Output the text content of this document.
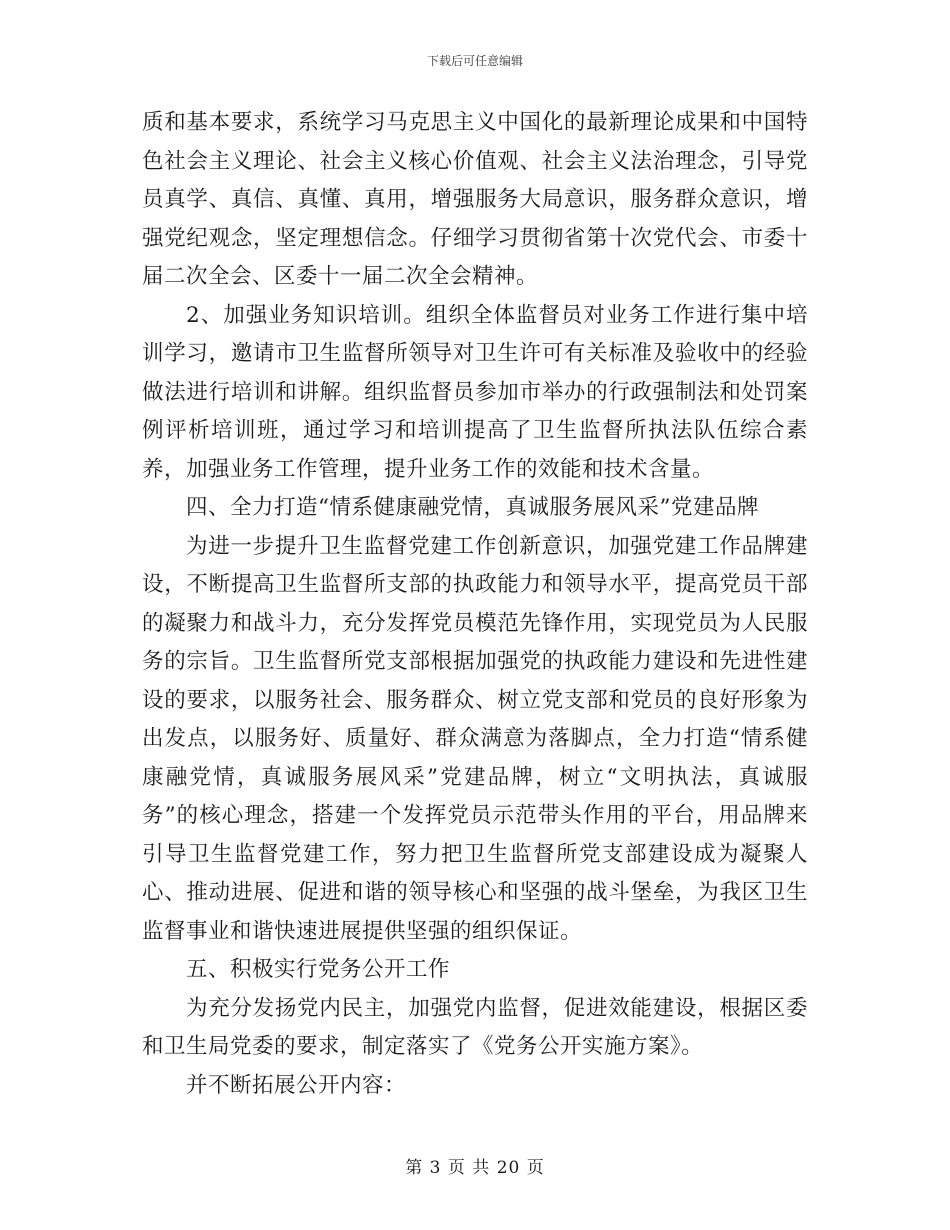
下载后可任意编辑

质和基本要求，系统学习马克思主义中国化的最新理论成果和中国特色社会主义理论、社会主义核心价值观、社会主义法治理念，引导党员真学、真信、真懂、真用，增强服务大局意识，服务群众意识，增强党纪观念，坚定理想信念。仔细学习贯彻省第十次党代会、市委十届二次全会、区委十一届二次全会精神。

2、加强业务知识培训。组织全体监督员对业务工作进行集中培训学习，邀请市卫生监督所领导对卫生许可有关标准及验收中的经验做法进行培训和讲解。组织监督员参加市举办的行政强制法和处罚案例评析培训班，通过学习和培训提高了卫生监督所执法队伍综合素养，加强业务工作管理，提升业务工作的效能和技术含量。

四、全力打造“情系健康融党情，真诚服务展风采”党建品牌

为进一步提升卫生监督党建工作创新意识，加强党建工作品牌建设，不断提高卫生监督所支部的执政能力和领导水平，提高党员干部的凝聚力和战斗力，充分发挥党员模范先锋作用，实现党员为人民服务的宗旨。卫生监督所党支部根据加强党的执政能力建设和先进性建设的要求，以服务社会、服务群众、树立党支部和党员的良好形象为出发点，以服务好、质量好、群众满意为落脚点，全力打造“情系健康融党情，真诚服务展风采”党建品牌，树立“文明执法，真诚服务”的核心理念，搭建一个发挥党员示范带头作用的平台，用品牌来引导卫生监督党建工作，努力把卫生监督所党支部建设成为凝聚人心、推动进展、促进和谐的领导核心和坚强的战斗堡垒，为我区卫生监督事业和谐快速进展提供坚强的组织保证。

五、积极实行党务公开工作

为充分发扬党内民主，加强党内监督，促进效能建设，根据区委和卫生局党委的要求，制定落实了《党务公开实施方案》。

并不断拓展公开内容：

第 3 页 共 20 页
